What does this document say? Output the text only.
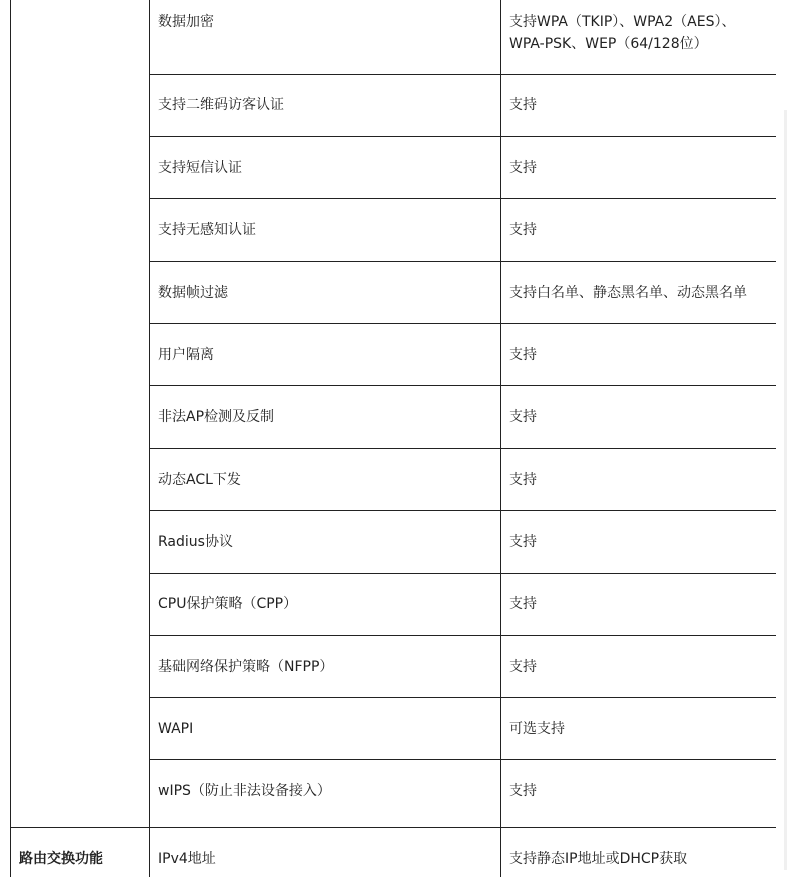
数据加密	支持WPA（TKIP）、WPA2（AES）、
WPA-PSK、WEP（64/128位）
支持二维码访客认证	支持
支持短信认证	支持
支持无感知认证	支持
数据帧过滤	支持白名单、静态黑名单、动态黑名单
用户隔离	支持
非法AP检测及反制	支持
动态ACL下发	支持
Radius协议	支持
CPU保护策略（CPP）	支持
基础网络保护策略（NFPP）	支持
WAPI	可选支持
wIPS（防止非法设备接入）	支持
路由交换功能	IPv4地址	支持静态IP地址或DHCP获取
